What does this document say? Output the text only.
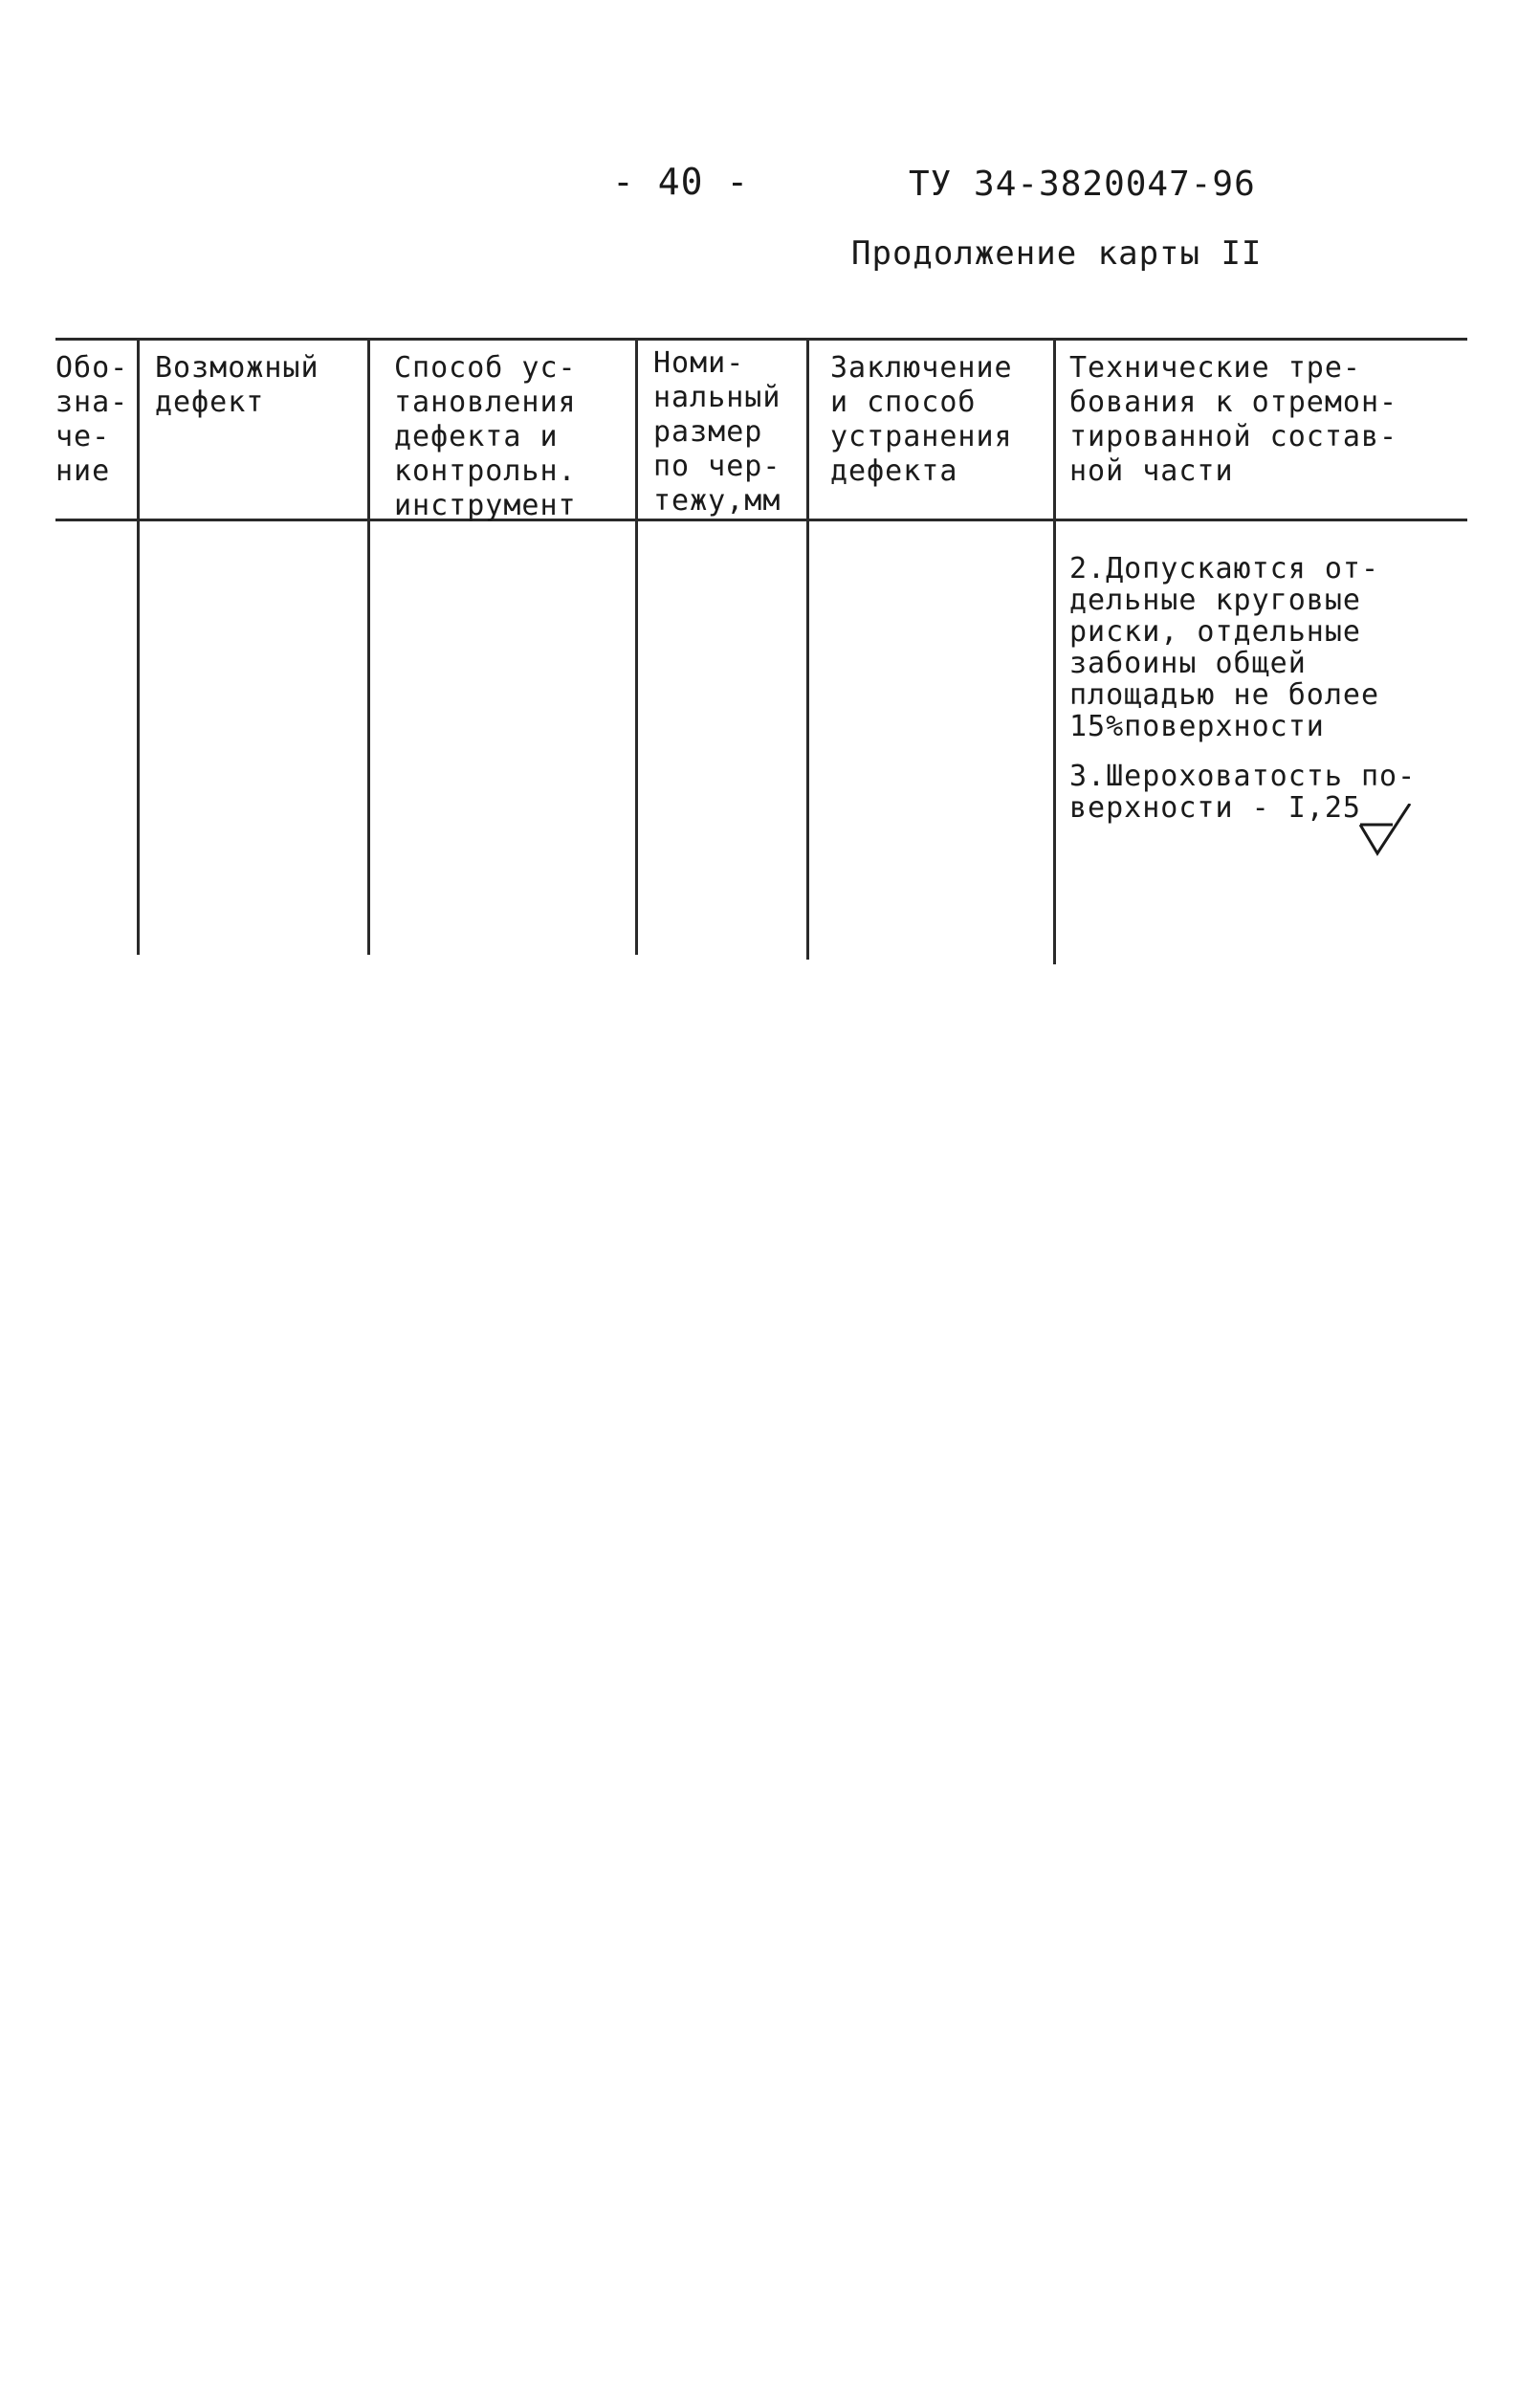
- 40 -	ТУ 34-3820047-96
Продолжение карты II
Обо-
зна-
че-
ние
Возможный
дефект
Способ ус-
тановления
дефекта и
контрольн.
инструмент
Номи-
нальный
размер
по чер-
тежу,мм
Заключение
и способ
устранения
дефекта
Технические тре-
бования к отремон-
тированной состав-
ной части
2.Допускаются от-
дельные круговые
риски, отдельные
забоины общей
площадью не более
15%поверхности
3.Шероховатость по-
верхности - I,25
